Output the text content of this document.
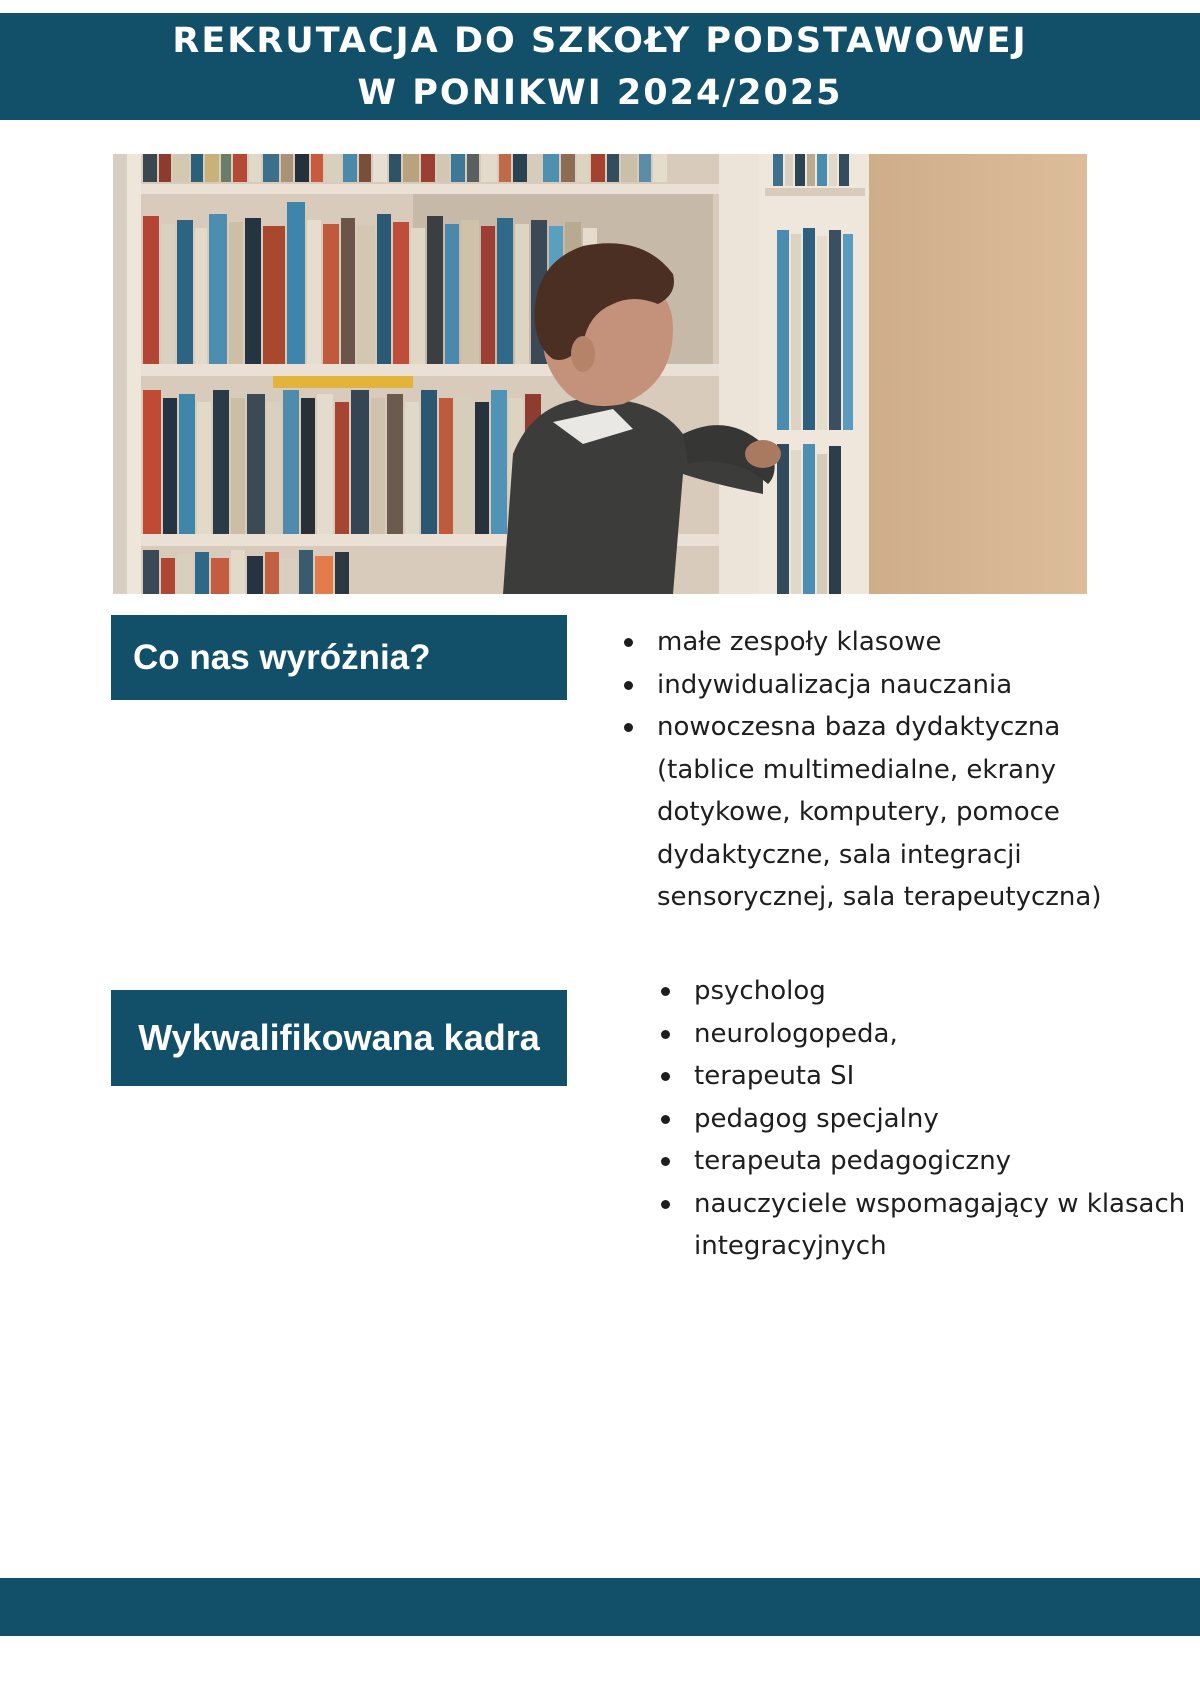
REKRUTACJA DO SZKOŁY PODSTAWOWEJ
W PONIKWI 2024/2025
Co nas wyróżnia?	małe zespoły klasowe
indywidualizacja nauczania
nowoczesna baza dydaktyczna (tablice multimedialne, ekrany dotykowe, komputery, pomoce dydaktyczne, sala integracji sensorycznej, sala terapeutyczna)
Wykwalifikowana kadra
psycholog
neurologopeda,
terapeuta SI
pedagog specjalny
terapeuta pedagogiczny
nauczyciele wspomagający w klasach integracyjnych
